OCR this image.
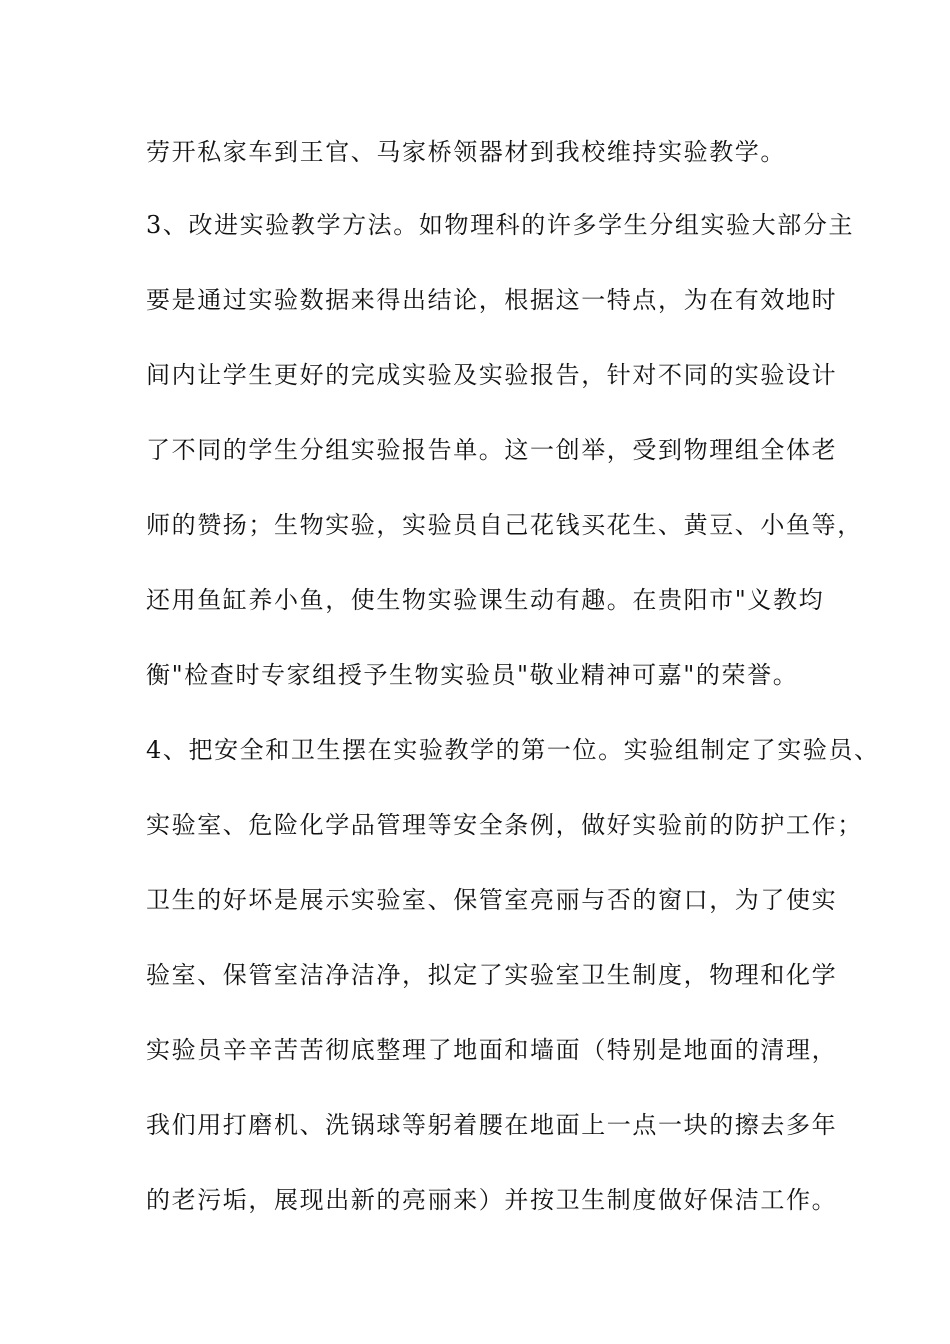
劳开私家车到王官、马家桥领器材到我校维持实验教学。
3、改进实验教学方法。如物理科的许多学生分组实验大部分主
要是通过实验数据来得出结论，根据这一特点，为在有效地时
间内让学生更好的完成实验及实验报告，针对不同的实验设计
了不同的学生分组实验报告单。这一创举，受到物理组全体老
师的赞扬；生物实验，实验员自己花钱买花生、黄豆、小鱼等，
还用鱼缸养小鱼，使生物实验课生动有趣。在贵阳市"义教均
衡"检查时专家组授予生物实验员"敬业精神可嘉"的荣誉。
4、把安全和卫生摆在实验教学的第一位。实验组制定了实验员、
实验室、危险化学品管理等安全条例，做好实验前的防护工作；
卫生的好坏是展示实验室、保管室亮丽与否的窗口，为了使实
验室、保管室洁净洁净，拟定了实验室卫生制度，物理和化学
实验员辛辛苦苦彻底整理了地面和墙面（特别是地面的清理，
我们用打磨机、洗锅球等躬着腰在地面上一点一块的擦去多年
的老污垢，展现出新的亮丽来）并按卫生制度做好保洁工作。
